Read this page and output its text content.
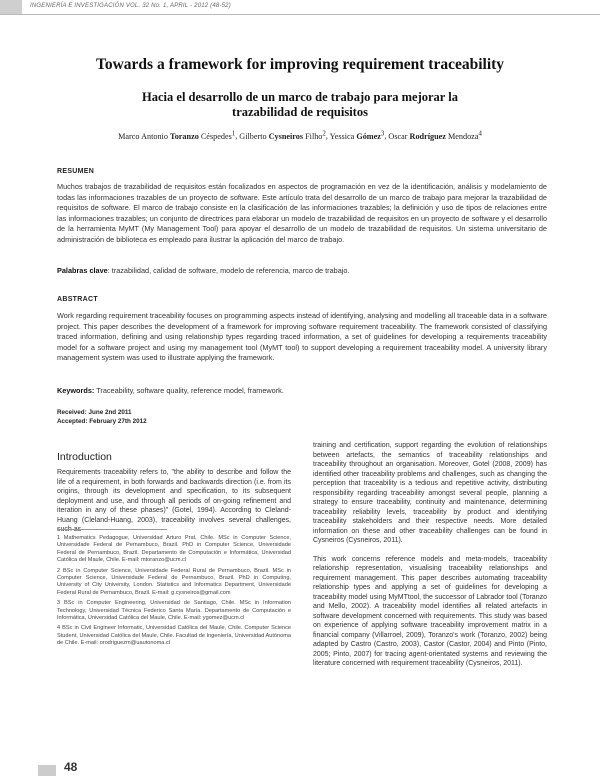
INGENIERÍA E INVESTIGACIÓN VOL. 32 No. 1, APRIL - 2012 (48-52)
Towards a framework for improving requirement traceability
Hacia el desarrollo de un marco de trabajo para mejorar la
trazabilidad de requisitos
Marco Antonio Toranzo Céspedes$^1$, Gilberto Cysneiros Filho$^2$, Yessica Gómez$^3$, Oscar Rodríguez Mendoza$^4$
RESUMEN

Muchos trabajos de trazabilidad de requisitos están focalizados en aspectos de programación en vez de la identificación, análisis y modelamiento de todas las informaciones trazables de un proyecto de software. Este artículo trata del desarrollo de un marco de trabajo para mejorar la trazabilidad de requisitos de software. El marco de trabajo consiste en la clasificación de las informaciones trazables; la definición y uso de tipos de relaciones entre las informaciones trazables; un conjunto de directrices para elaborar un modelo de trazabilidad de requisitos en un proyecto de software y el desarrollo de la herramienta MyMT (My Management Tool) para apoyar el desarrollo de un modelo de trazabilidad de requisitos. Un sistema universitario de administración de biblioteca es empleado para ilustrar la aplicación del marco de trabajo.

Palabras clave: trazabilidad, calidad de software, modelo de referencia, marco de trabajo.

ABSTRACT

Work regarding requirement traceability focuses on programming aspects instead of identifying, analysing and modelling all traceable data in a software project. This paper describes the development of a framework for improving software requirement traceability. The framework consisted of classifying traced information, defining and using relationship types regarding traced information, a set of guidelines for developing a requirements traceability model for a software project and using my management tool (MyMT tool) to support developing a requirement traceability model. A university library management system was used to illustrate applying the framework.

Keywords: Traceability, software quality, reference model, framework.

Received: June 2nd 2011
Accepted: February 27th 2012
Introduction

Requirements traceability refers to, "the ability to describe and follow the life of a requirement, in both forwards and backwards direction (i.e. from its origins, through its development and specification, to its subsequent deployment and use, and through all periods of on-going refinement and iteration in any of these phases)" (Gotel, 1994). According to Cleland-Huang (Cleland-Huang, 2003), traceability involves several challenges,

training and certification, support regarding the evolution of relationships between artefacts, the semantics of traceability relationships and traceability throughout an organisation. Moreover, Gotel (2008, 2009) has identified other traceability problems and challenges, such as changing the perception that traceability is a tedious and repetitive activity, distributing responsibility regarding traceability amongst several people, planning a strategy to ensure traceability, continuity and maintenance, determining traceability reliability levels, traceability by product and identifying traceability stakeholders and their respective needs. More detailed information on these and other traceability challenges can be found in Cysneiros (Cysneiros, 2011).

This work concerns reference models and meta-models, traceability relationship representation, visualising traceability relationships and requirement management. This paper describes automating traceability relationship types and applying a set of guidelines for developing a traceability model using MyMTtool, the successor of Labrador tool (Toranzo and Mello, 2002). A traceability model identifies all related artefacts in software development concerned with requirements. This study was based on experience of applying software traceability improvement matrix in a financial company (Villarroel, 2009), Toranzo's work (Toranzo, 2002) being adapted by Castro (Castro, 2003), Castor (Castor, 2004) and Pinto (Pinto, 2005; Pinto, 2007) for tracing agent-orientated systems and reviewing the literature concerned with requirement traceability (Cysneiros, 2011).

1 Mathematics Pedagogue, Universidad Arturo Prat, Chile. MSc in Computer Science, Universidade Federal de Pernambuco, Brazil. PhD in Computer Science, Universidade Federal de Pernambuco, Brazil. Departamento de Computación e Informática, Universidad Católica del Maule, Chile. E-mail: mtoranzo@ucm.cl
2 BSc in Computer Science, Universidade Federal Rural de Pernambuco, Brazil. MSc in Computer Science, Universidade Federal de Pernambuco, Brazil. PhD in Computing, University of City University, London. Statistics and Informatics Department, Universidade Federal Rural de Pernambuco, Brazil. E-mail: g.cysneiros@gmail.com
3 BSc in Computer Engineering, Universidad de Santiago, Chile. MSc in Information Technology, Universidad Técnica Federico Santa María. Departamento de Computación e Informática, Universidad Católica del Maule, Chile. E-mail: ygomez@ucm.cl
4 BSc in Civil Engineer Informatic, Universidad Católica del Maule, Chile. Computer Science Student, Universidad Católica del Maule, Chile. Facultad de Ingeniería, Universidad Autónoma de Chile. E-mail: orodriguezm@uautonoma.cl
48
